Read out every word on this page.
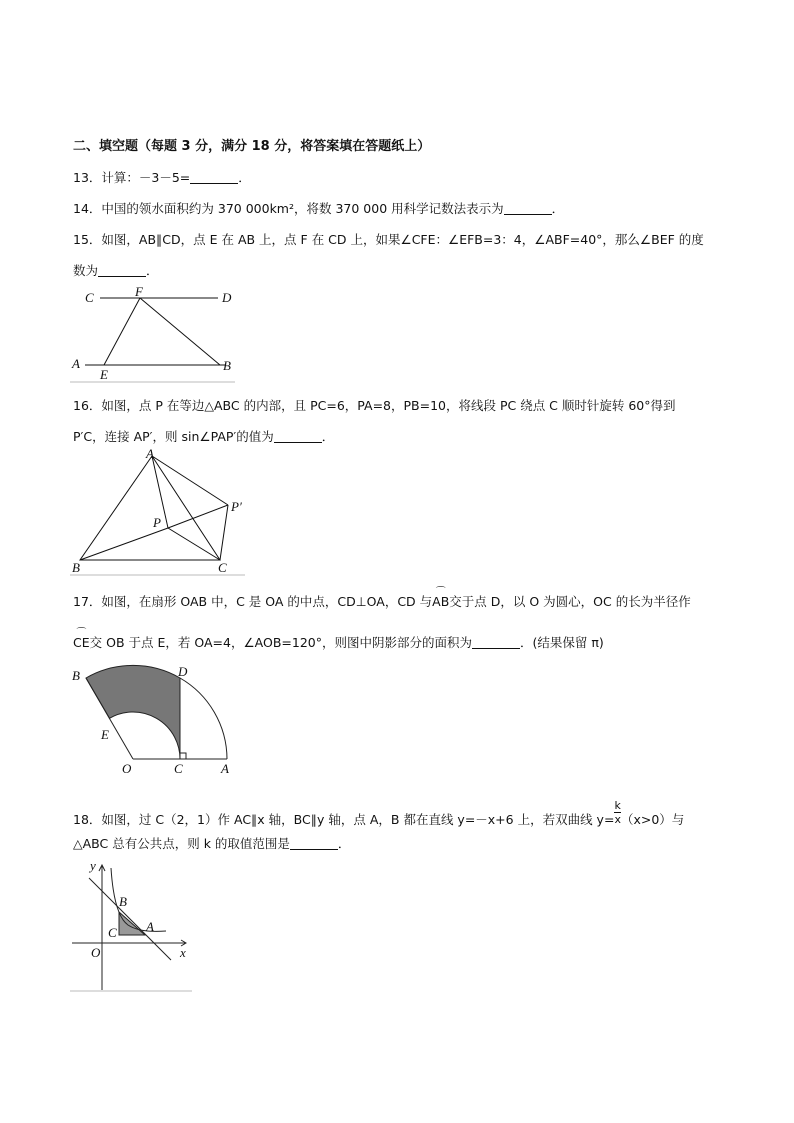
二、填空题（每题 3 分，满分 18 分，将答案填在答题纸上）
13．计算：－3－5=	．
14．中国的领水面积约为 370 000km²，将数 370 000 用科学记数法表示为	．
15．如图，AB∥CD，点 E 在 AB 上，点 F 在 CD 上，如果∠CFE：∠EFB=3：4，∠ABF=40°，那么∠BEF 的度
数为	．
C	F	D
A
E
B
16．如图，点 P 在等边△ABC 的内部，且 PC=6，PA=8，PB=10，将线段 PC 绕点 C 顺时针旋转 60°得到
P′C，连接 AP′，则 sin∠PAP′的值为	．
A
B	C
P
P′
17．如图，在扇形 OAB 中，C 是 OA 的中点，CD⊥OA，CD 与⌒ AB交于点 D，以 O 为圆心，OC 的长为半径作
⌒ CE交 OB 于点 E，若 OA=4，∠AOB=120°，则图中阴影部分的面积为	．(结果保留 π)
B	D
E
O	C	A
18．如图，过 C（2，1）作 AC∥x 轴，BC∥y 轴，点 A，B 都在直线 y=－x+6 上，若双曲线 $y= \frac{k}{x} (x>0)$与
△ABC 总有公共点，则 k 的取值范围是	．
y
x
O
B
C A
